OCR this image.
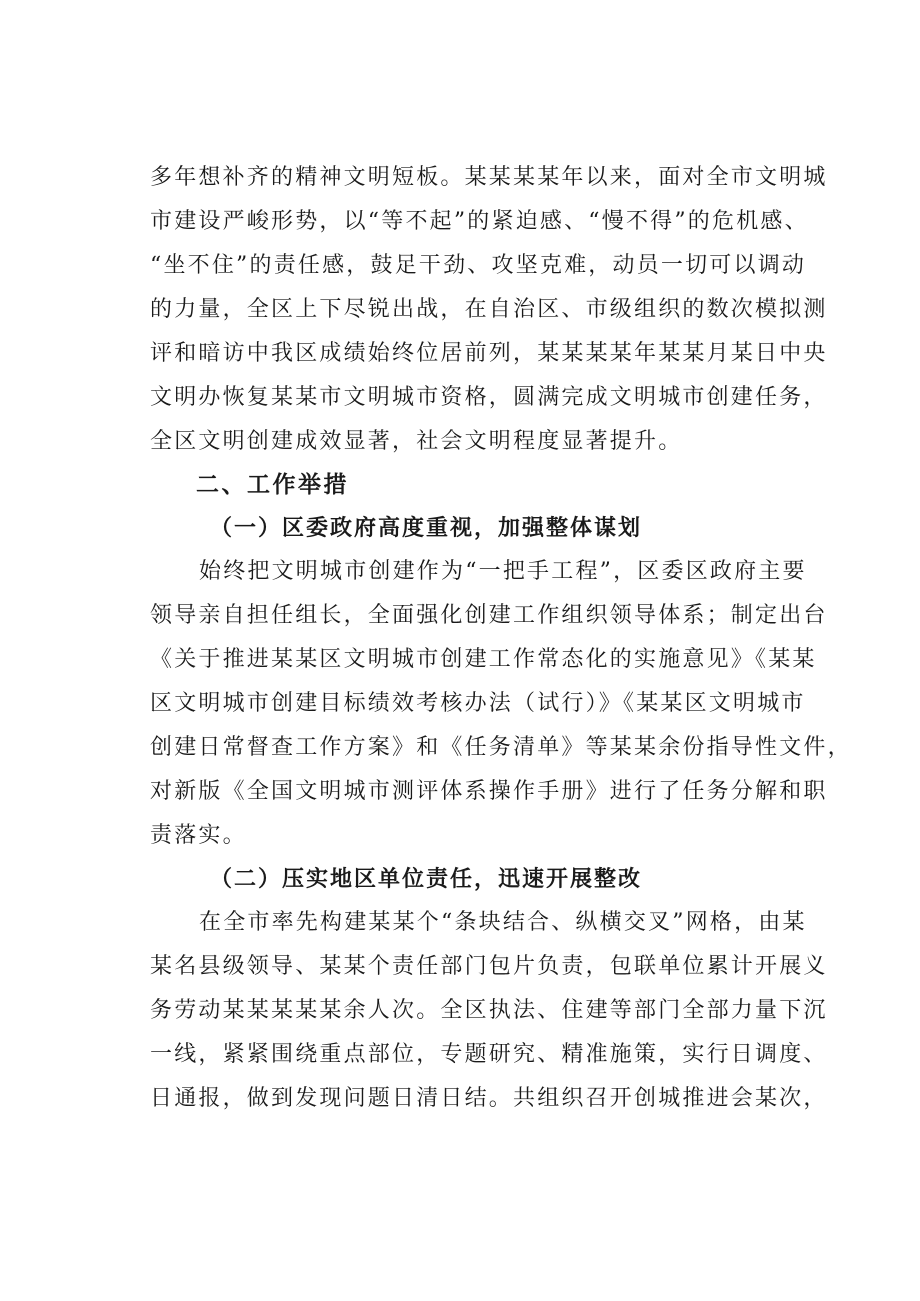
多年想补齐的精神文明短板。某某某某年以来，面对全市文明城
市建设严峻形势，以“等不起”的紧迫感、“慢不得”的危机感、
“坐不住”的责任感，鼓足干劲、攻坚克难，动员一切可以调动
的力量，全区上下尽锐出战，在自治区、市级组织的数次模拟测
评和暗访中我区成绩始终位居前列，某某某某年某某月某日中央
文明办恢复某某市文明城市资格，圆满完成文明城市创建任务，
全区文明创建成效显著，社会文明程度显著提升。
二、工作举措
（一）区委政府高度重视，加强整体谋划
始终把文明城市创建作为“一把手工程”，区委区政府主要
领导亲自担任组长，全面强化创建工作组织领导体系；制定出台
《关于推进某某区文明城市创建工作常态化的实施意见》《某某
区文明城市创建目标绩效考核办法（试行）》《某某区文明城市
创建日常督查工作方案》和《任务清单》等某某余份指导性文件，
对新版《全国文明城市测评体系操作手册》进行了任务分解和职
责落实。
（二）压实地区单位责任，迅速开展整改
在全市率先构建某某个“条块结合、纵横交叉”网格，由某
某名县级领导、某某个责任部门包片负责，包联单位累计开展义
务劳动某某某某某余人次。全区执法、住建等部门全部力量下沉
一线，紧紧围绕重点部位，专题研究、精准施策，实行日调度、
日通报，做到发现问题日清日结。共组织召开创城推进会某次，
